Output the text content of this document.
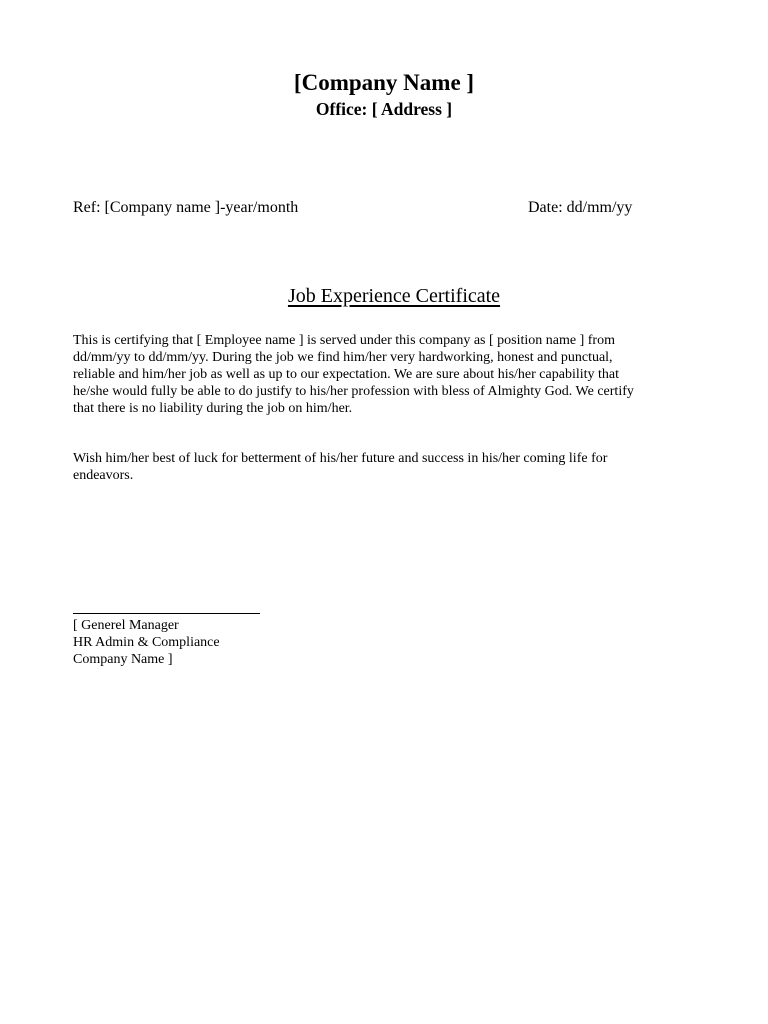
[Company Name ]
Office: [ Address ]
Ref: [Company name ]-year/month	Date: dd/mm/yy

Job Experience Certificate

This is certifying that [ Employee name ] is served under this company as [ position name ] from
dd/mm/yy to dd/mm/yy. During the job we find him/her very hardworking, honest and punctual,
reliable and him/her job as well as up to our expectation. We are sure about his/her capability that
he/she would fully be able to do justify to his/her profession with bless of Almighty God. We certify
that there is no liability during the job on him/her.
Wish him/her best of luck for betterment of his/her future and success in his/her coming life for
endeavors.
[ Generel Manager
HR Admin & Compliance
Company Name ]
